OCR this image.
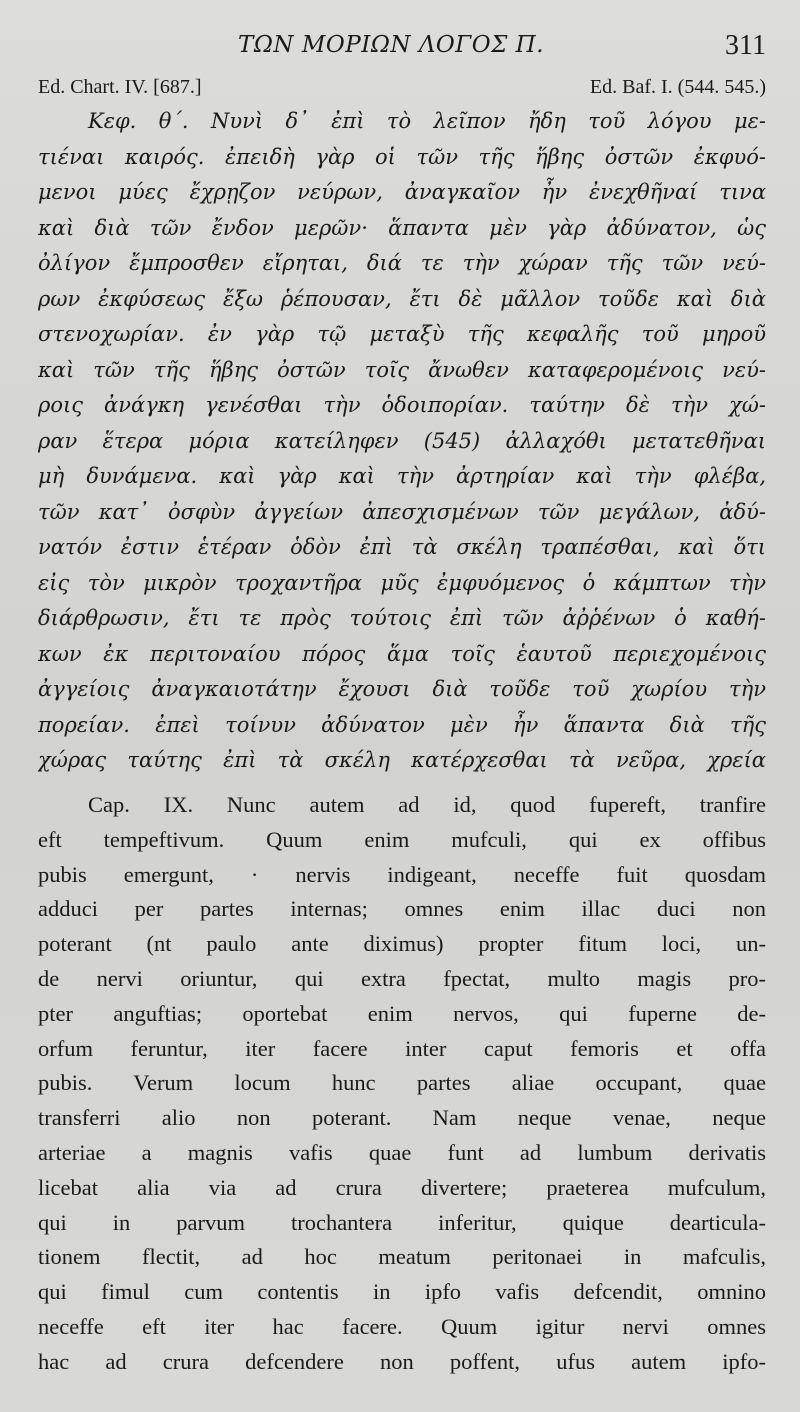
ΤΩΝ ΜΟΡΙΩΝ ΛΟΓΟΣ Π.	311
Ed. Chart. IV. [687.]	Ed. Baf. I. (544. 545.)
Κεφ. θ΄. Νυνὶ δ᾽ ἐπὶ τὸ λεῖπον ἤδη τοῦ λόγου με-
τιέναι καιρός. ἐπειδὴ γὰρ οἱ τῶν τῆς ἥβης ὀστῶν ἐκφυό-
μενοι μύες ἔχρῃζον νεύρων, ἀναγκαῖον ἦν ἐνεχθῆναί τινα
καὶ διὰ τῶν ἔνδον μερῶν· ἅπαντα μὲν γὰρ ἀδύνατον, ὡς
ὀλίγον ἔμπροσθεν εἴρηται, διά τε τὴν χώραν τῆς τῶν νεύ-
ρων ἐκφύσεως ἔξω ῥέπουσαν, ἔτι δὲ μᾶλλον τοῦδε καὶ διὰ
στενοχωρίαν. ἐν γὰρ τῷ μεταξὺ τῆς κεφαλῆς τοῦ μηροῦ
καὶ τῶν τῆς ἥβης ὀστῶν τοῖς ἄνωθεν καταφερομένοις νεύ-
ροις ἀνάγκη γενέσθαι τὴν ὁδοιπορίαν. ταύτην δὲ τὴν χώ-
ραν ἕτερα μόρια κατείληφεν (545) ἀλλαχόθι μετατεθῆναι
μὴ δυνάμενα. καὶ γὰρ καὶ τὴν ἀρτηρίαν καὶ τὴν φλέβα,
τῶν κατ᾽ ὀσφὺν ἀγγείων ἀπεσχισμένων τῶν μεγάλων, ἀδύ-
νατόν ἐστιν ἑτέραν ὁδὸν ἐπὶ τὰ σκέλη τραπέσθαι, καὶ ὅτι
εἰς τὸν μικρὸν τροχαντῆρα μῦς ἐμφυόμενος ὁ κάμπτων τὴν
διάρθρωσιν, ἔτι τε πρὸς τούτοις ἐπὶ τῶν ἀῤῥένων ὁ καθή-
κων ἐκ περιτοναίου πόρος ἅμα τοῖς ἑαυτοῦ περιεχομένοις
ἀγγείοις ἀναγκαιοτάτην ἔχουσι διὰ τοῦδε τοῦ χωρίου τὴν
πορείαν. ἐπεὶ τοίνυν ἀδύνατον μὲν ἦν ἅπαντα διὰ τῆς
χώρας ταύτης ἐπὶ τὰ σκέλη κατέρχεσθαι τὰ νεῦρα, χρεία
Cap. IX. Nunc autem ad id, quod fupereft, tranfire
eft tempeftivum. Quum enim mufculi, qui ex offibus
pubis emergunt, · nervis indigeant, neceffe fuit quosdam
adduci per partes internas; omnes enim illac duci non
poterant (nt paulo ante diximus) propter fitum loci, un-
de nervi oriuntur, qui extra fpectat, multo magis pro-
pter anguftias; oportebat enim nervos, qui fuperne de-
orfum feruntur, iter facere inter caput femoris et offa
pubis. Verum locum hunc partes aliae occupant, quae
transferri alio non poterant. Nam neque venae, neque
arteriae a magnis vafis quae funt ad lumbum derivatis
licebat alia via ad crura divertere; praeterea mufculum,
qui in parvum trochantera inferitur, quique dearticula-
tionem flectit, ad hoc meatum peritonaei in mafculis,
qui fimul cum contentis in ipfo vafis defcendit, omnino
neceffe eft iter hac facere. Quum igitur nervi omnes
hac ad crura defcendere non poffent, ufus autem ipfo-
